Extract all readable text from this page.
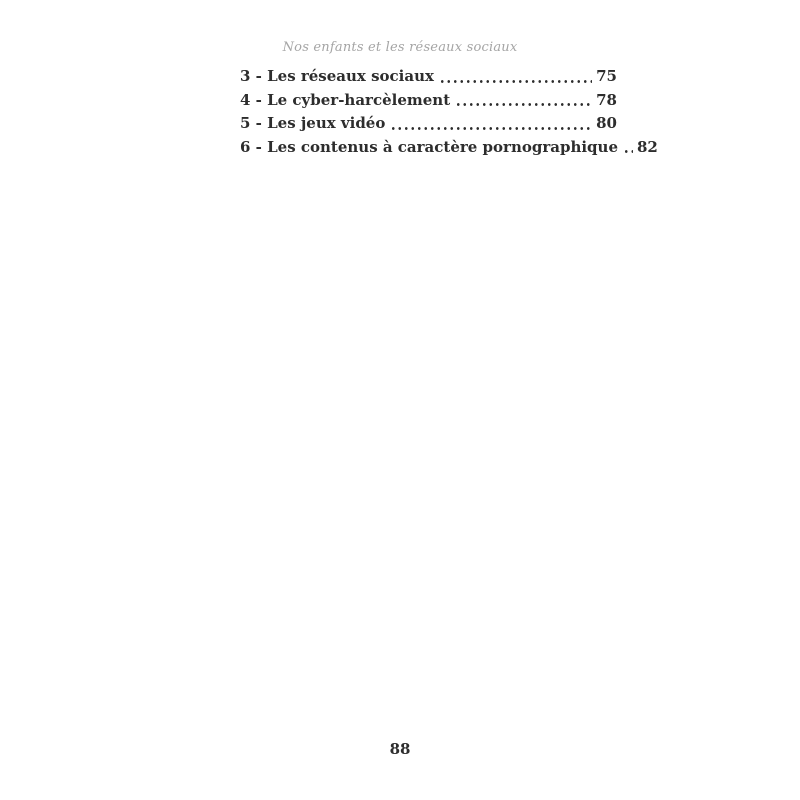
Nos enfants et les réseaux sociaux
3 - Les réseaux sociaux	75
4 - Le cyber-harcèlement	78
5 - Les jeux vidéo	80
6 - Les contenus à caractère pornographique 82
88
